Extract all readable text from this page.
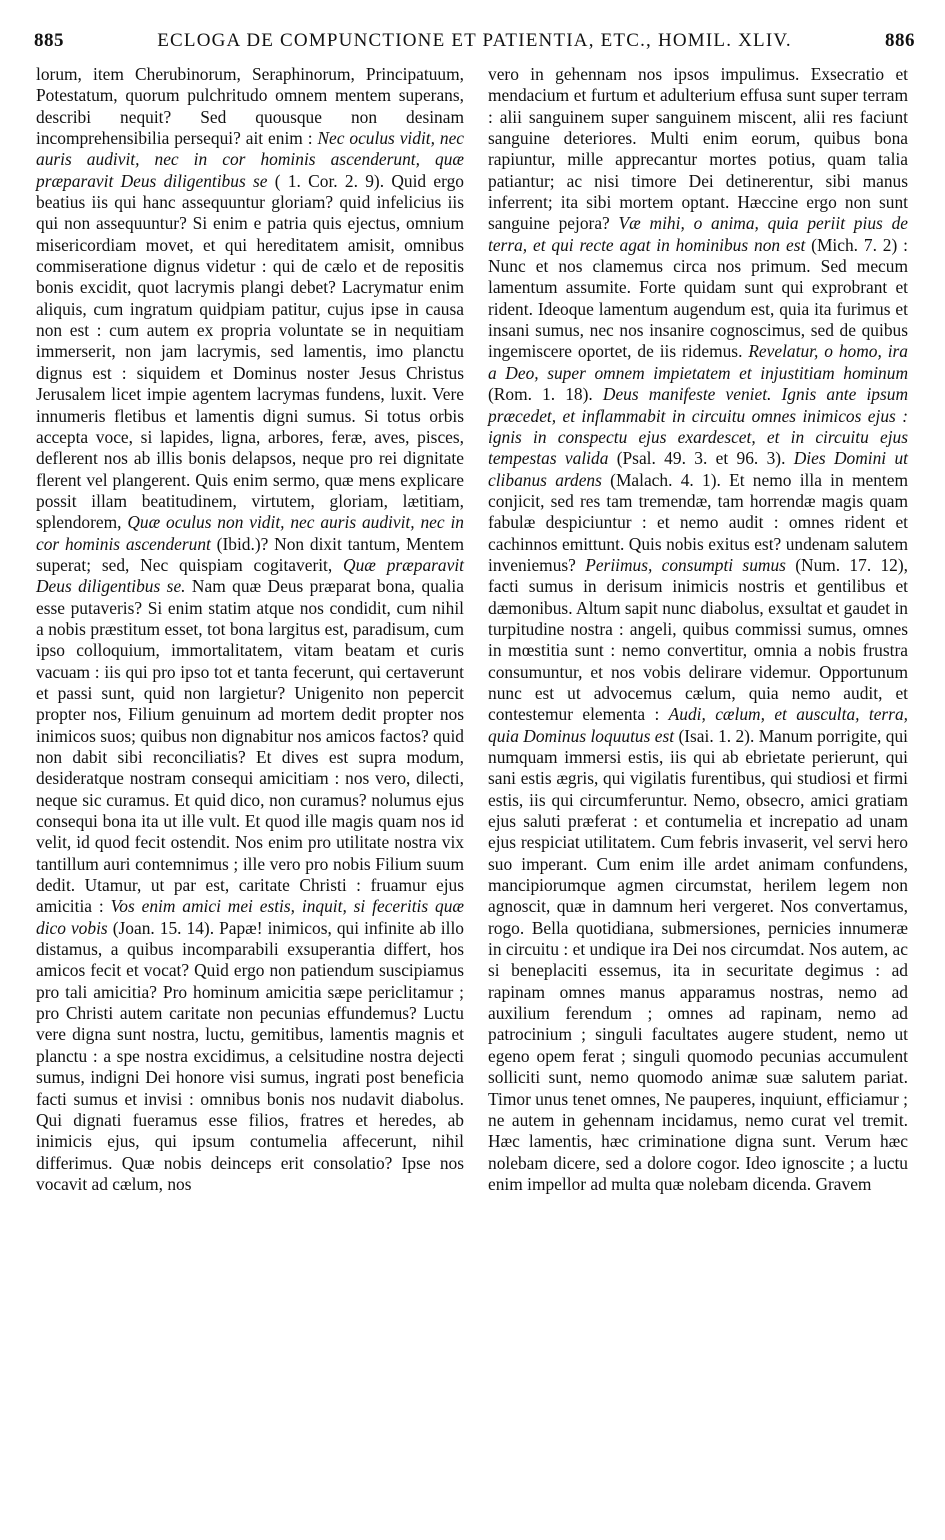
885	ECLOGA DE COMPUNCTIONE ET PATIENTIA, ETC., HOMIL. XLIV.	886

lorum, item Cherubinorum, Seraphinorum, Principatuum, Potestatum, quorum pulchritudo omnem mentem superans, describi nequit? Sed quousque non desinam incomprehensibilia persequi? ait enim : Nec oculus vidit, nec auris audivit, nec in cor hominis ascenderunt, quæ præparavit Deus diligentibus se ( 1. Cor. 2. 9). Quid ergo beatius iis qui hanc assequuntur gloriam? quid infelicius iis qui non assequuntur? Si enim e patria quis ejectus, omnium misericordiam movet, et qui hereditatem amisit, omnibus commiseratione dignus videtur : qui de cælo et de repositis bonis excidit, quot lacrymis plangi debet? Lacrymatur enim aliquis, cum ingratum quidpiam patitur, cujus ipse in causa non est : cum autem ex propria voluntate se in nequitiam immerserit, non jam lacrymis, sed lamentis, imo planctu dignus est : siquidem et Dominus noster Jesus Christus Jerusalem licet impie agentem lacrymas fundens, luxit. Vere innumeris fletibus et lamentis digni sumus. Si totus orbis accepta voce, si lapides, ligna, arbores, feræ, aves, pisces, deflerent nos ab illis bonis delapsos, neque pro rei dignitate flerent vel plangerent. Quis enim sermo, quæ mens explicare possit illam beatitudinem, virtutem, gloriam, lætitiam, splendorem, Quæ oculus non vidit, nec auris audivit, nec in cor hominis ascenderunt (Ibid.)? Non dixit tantum, Mentem superat; sed, Nec quispiam cogitaverit, Quæ præparavit Deus diligentibus se. Nam quæ Deus præparat bona, qualia esse putaveris? Si enim statim atque nos condidit, cum nihil a nobis præstitum esset, tot bona largitus est, paradisum, cum ipso colloquium, immortalitatem, vitam beatam et curis vacuam : iis qui pro ipso tot et tanta fecerunt, qui certaverunt et passi sunt, quid non largietur? Unigenito non pepercit propter nos, Filium genuinum ad mortem dedit propter nos inimicos suos; quibus non dignabitur nos amicos factos? quid non dabit sibi reconciliatis? Et dives est supra modum, desideratque nostram consequi amicitiam : nos vero, dilecti, neque sic curamus. Et quid dico, non curamus? nolumus ejus consequi bona ita ut ille vult. Et quod ille magis quam nos id velit, id quod fecit ostendit. Nos enim pro utilitate nostra vix tantillum auri contemnimus ; ille vero pro nobis Filium suum dedit. Utamur, ut par est, caritate Christi : fruamur ejus amicitia : Vos enim amici mei estis, inquit, si feceritis quæ dico vobis (Joan. 15. 14). Papæ! inimicos, qui infinite ab illo distamus, a quibus incomparabili exsuperantia differt, hos amicos fecit et vocat? Quid ergo non patiendum suscipiamus pro tali amicitia? Pro hominum amicitia sæpe periclitamur ; pro Christi autem caritate non pecunias effundemus? Luctu vere digna sunt nostra, luctu, gemitibus, lamentis magnis et planctu : a spe nostra excidimus, a celsitudine nostra dejecti sumus, indigni Dei honore visi sumus, ingrati post beneficia facti sumus et invisi : omnibus bonis nos nudavit diabolus. Qui dignati fueramus esse filios, fratres et heredes, ab inimicis ejus, qui ipsum contumelia affecerunt, nihil differimus. Quæ nobis deinceps erit consolatio? Ipse nos vocavit ad cælum, nos

vero in gehennam nos ipsos impulimus. Exsecratio et mendacium et furtum et adulterium effusa sunt super terram : alii sanguinem super sanguinem miscent, alii res faciunt sanguine deteriores. Multi enim eorum, quibus bona rapiuntur, mille apprecantur mortes potius, quam talia patiantur; ac nisi timore Dei detinerentur, sibi manus inferrent; ita sibi mortem optant. Hæccine ergo non sunt sanguine pejora? Væ mihi, o anima, quia periit pius de terra, et qui recte agat in hominibus non est (Mich. 7. 2) : Nunc et nos clamemus circa nos primum. Sed mecum lamentum assumite. Forte quidam sunt qui exprobrant et rident. Ideoque lamentum augendum est, quia ita furimus et insani sumus, nec nos insanire cognoscimus, sed de quibus ingemiscere oportet, de iis ridemus. Revelatur, o homo, ira a Deo, super omnem impietatem et injustitiam hominum (Rom. 1. 18). Deus manifeste veniet. Ignis ante ipsum præcedet, et inflammabit in circuitu omnes inimicos ejus : ignis in conspectu ejus exardescet, et in circuitu ejus tempestas valida (Psal. 49. 3. et 96. 3). Dies Domini ut clibanus ardens (Malach. 4. 1). Et nemo illa in mentem conjicit, sed res tam tremendæ, tam horrendæ magis quam fabulæ despiciuntur : et nemo audit : omnes rident et cachinnos emittunt. Quis nobis exitus est? undenam salutem inveniemus? Periimus, consumpti sumus (Num. 17. 12), facti sumus in derisum inimicis nostris et gentilibus et dæmonibus. Altum sapit nunc diabolus, exsultat et gaudet in turpitudine nostra : angeli, quibus commissi sumus, omnes in mœstitia sunt : nemo convertitur, omnia a nobis frustra consumuntur, et nos vobis delirare videmur. Opportunum nunc est ut advocemus cælum, quia nemo audit, et contestemur elementa : Audi, cælum, et ausculta, terra, quia Dominus loquutus est (Isai. 1. 2). Manum porrigite, qui numquam immersi estis, iis qui ab ebrietate perierunt, qui sani estis ægris, qui vigilatis furentibus, qui studiosi et firmi estis, iis qui circumferuntur. Nemo, obsecro, amici gratiam ejus saluti præferat : et contumelia et increpatio ad unam ejus respiciat utilitatem. Cum febris invaserit, vel servi hero suo imperant. Cum enim ille ardet animam confundens, mancipiorumque agmen circumstat, herilem legem non agnoscit, quæ in damnum heri vergeret. Nos convertamus, rogo. Bella quotidiana, submersiones, pernicies innumeræ in circuitu : et undique ira Dei nos circumdat. Nos autem, ac si beneplaciti essemus, ita in securitate degimus : ad rapinam omnes manus apparamus nostras, nemo ad auxilium ferendum ; omnes ad rapinam, nemo ad patrocinium ; singuli facultates augere student, nemo ut egeno opem ferat ; singuli quomodo pecunias accumulent solliciti sunt, nemo quomodo animæ suæ salutem pariat. Timor unus tenet omnes, Ne pauperes, inquiunt, efficiamur ; ne autem in gehennam incidamus, nemo curat vel tremit. Hæc lamentis, hæc criminatione digna sunt. Verum hæc nolebam dicere, sed a dolore cogor. Ideo ignoscite ; a luctu enim impellor ad multa quæ nolebam dicenda. Gravem
